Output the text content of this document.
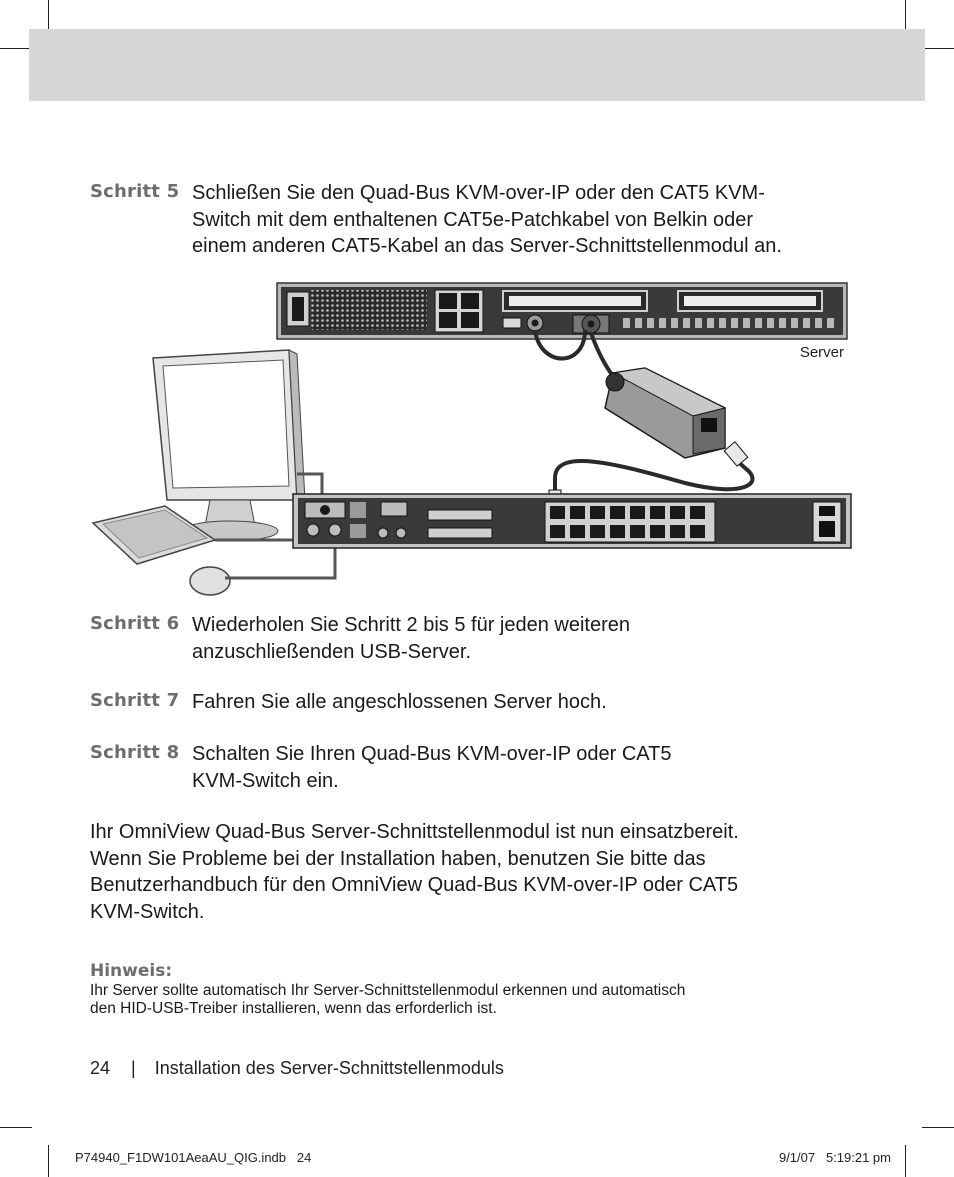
Schritt 5 Schließen Sie den Quad-Bus KVM-over-IP oder den CAT5 KVM-
Switch mit dem enthaltenen CAT5e-Patchkabel von Belkin oder
einem anderen CAT5-Kabel an das Server-Schnittstellenmodul an.
Server
Schritt 6 Wiederholen Sie Schritt 2 bis 5 für jeden weiteren
anzuschließenden USB-Server.
Schritt 7 Fahren Sie alle angeschlossenen Server hoch.
Schritt 8 Schalten Sie Ihren Quad-Bus KVM-over-IP oder CAT5
KVM-Switch ein.
Ihr OmniView Quad-Bus Server-Schnittstellenmodul ist nun einsatzbereit.
Wenn Sie Probleme bei der Installation haben, benutzen Sie bitte das
Benutzerhandbuch für den OmniView Quad-Bus KVM-over-IP oder CAT5
KVM-Switch.
Hinweis:
Ihr Server sollte automatisch Ihr Server-Schnittstellenmodul erkennen und automatisch
den HID-USB-Treiber installieren, wenn das erforderlich ist.
24 | Installation des Server-Schnittstellenmoduls
P74940_F1DW101AeaAU_QIG.indb   24	9/1/07   5:19:21 pm
